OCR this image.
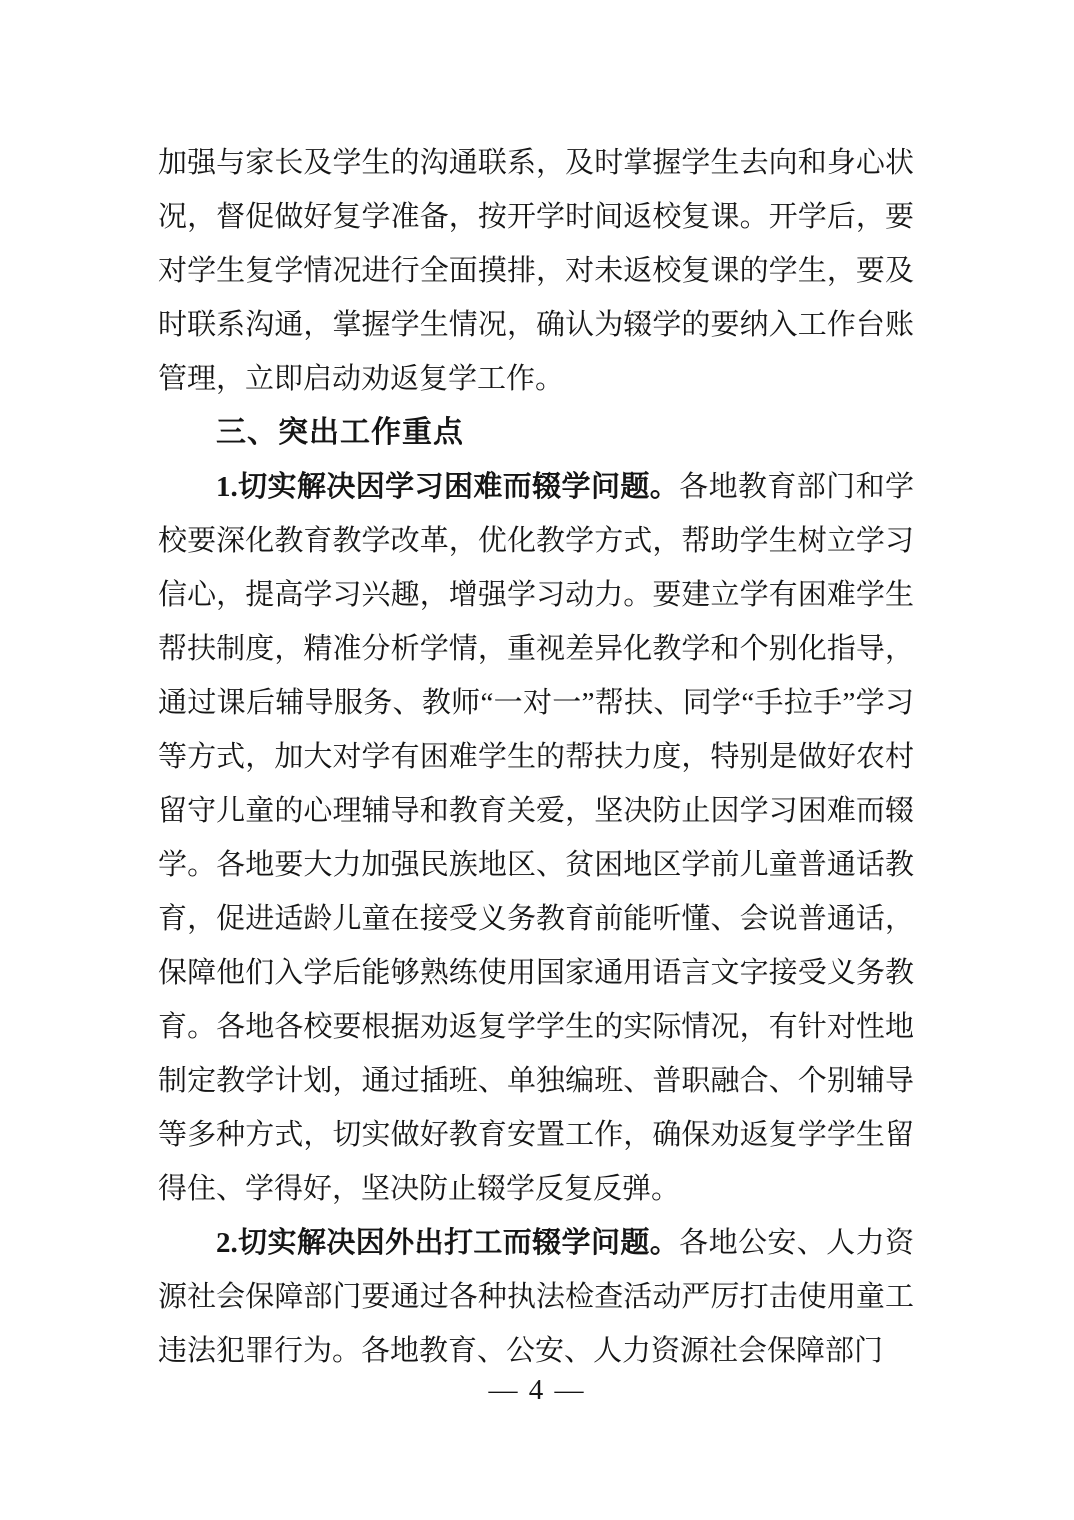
加强与家长及学生的沟通联系，及时掌握学生去向和身心状况，督促做好复学准备，按开学时间返校复课。开学后，要对学生复学情况进行全面摸排，对未返校复课的学生，要及时联系沟通，掌握学生情况，确认为辍学的要纳入工作台账管理，立即启动劝返复学工作。

三、突出工作重点

1.切实解决因学习困难而辍学问题。各地教育部门和学校要深化教育教学改革，优化教学方式，帮助学生树立学习信心，提高学习兴趣，增强学习动力。要建立学有困难学生帮扶制度，精准分析学情，重视差异化教学和个别化指导，通过课后辅导服务、教师“一对一”帮扶、同学“手拉手”学习等方式，加大对学有困难学生的帮扶力度，特别是做好农村留守儿童的心理辅导和教育关爱，坚决防止因学习困难而辍学。各地要大力加强民族地区、贫困地区学前儿童普通话教育，促进适龄儿童在接受义务教育前能听懂、会说普通话，保障他们入学后能够熟练使用国家通用语言文字接受义务教育。各地各校要根据劝返复学学生的实际情况，有针对性地制定教学计划，通过插班、单独编班、普职融合、个别辅导等多种方式，切实做好教育安置工作，确保劝返复学学生留得住、学得好，坚决防止辍学反复反弹。

2.切实解决因外出打工而辍学问题。各地公安、人力资源社会保障部门要通过各种执法检查活动严厉打击使用童工违法犯罪行为。各地教育、公安、人力资源社会保障部门

— 4 —
